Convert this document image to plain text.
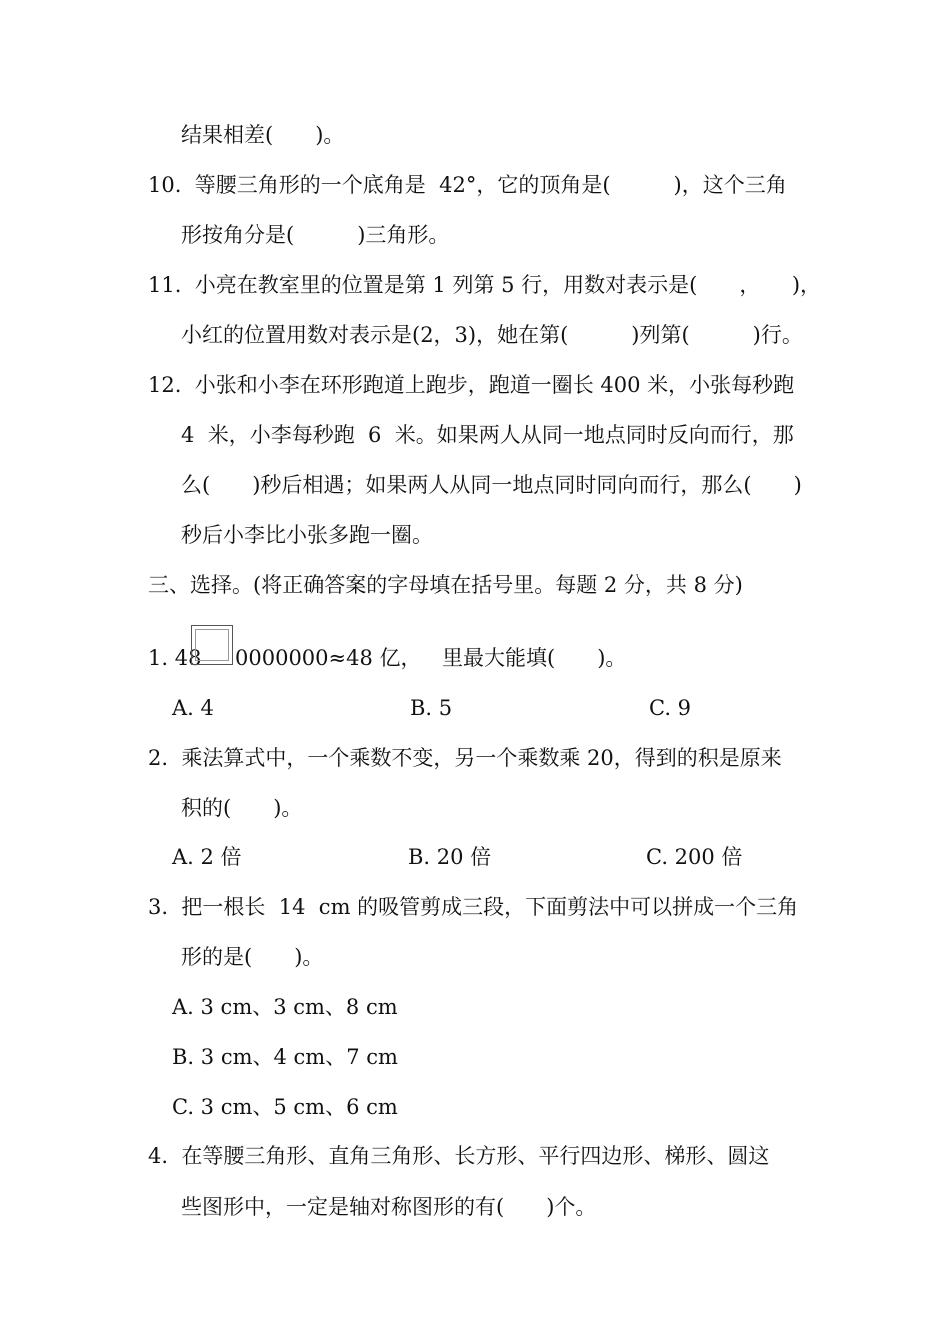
结果相差(　　)。
10.  等腰三角形的一个底角是  42°，它的顶角是(　　　)，这个三角
形按角分是(　　　)三角形。
11.  小亮在教室里的位置是第 1 列第 5 行，用数对表示是(　　，　　)，
小红的位置用数对表示是(2，3)，她在第(　　　)列第(　　　)行。
12.  小张和小李在环形跑道上跑步，跑道一圈长 400 米，小张每秒跑
4  米，小李每秒跑  6  米。如果两人从同一地点同时反向而行，那
么(　　)秒后相遇；如果两人从同一地点同时同向而行，那么(　　)
秒后小李比小张多跑一圈。
三、选择。(将正确答案的字母填在括号里。每题 2 分，共 8 分)
1. 48 0000000≈48 亿， 里最大能填(　　)。
A. 4	B. 5	C. 9
2.  乘法算式中，一个乘数不变，另一个乘数乘 20，得到的积是原来
积的(　　)。
A. 2 倍	B. 20 倍	C. 200 倍
3.  把一根长  14  cm 的吸管剪成三段，下面剪法中可以拼成一个三角
形的是(　　)。
A. 3 cm、3 cm、8 cm
B. 3 cm、4 cm、7 cm
C. 3 cm、5 cm、6 cm
4.  在等腰三角形、直角三角形、长方形、平行四边形、梯形、圆这
些图形中，一定是轴对称图形的有(　　)个。
